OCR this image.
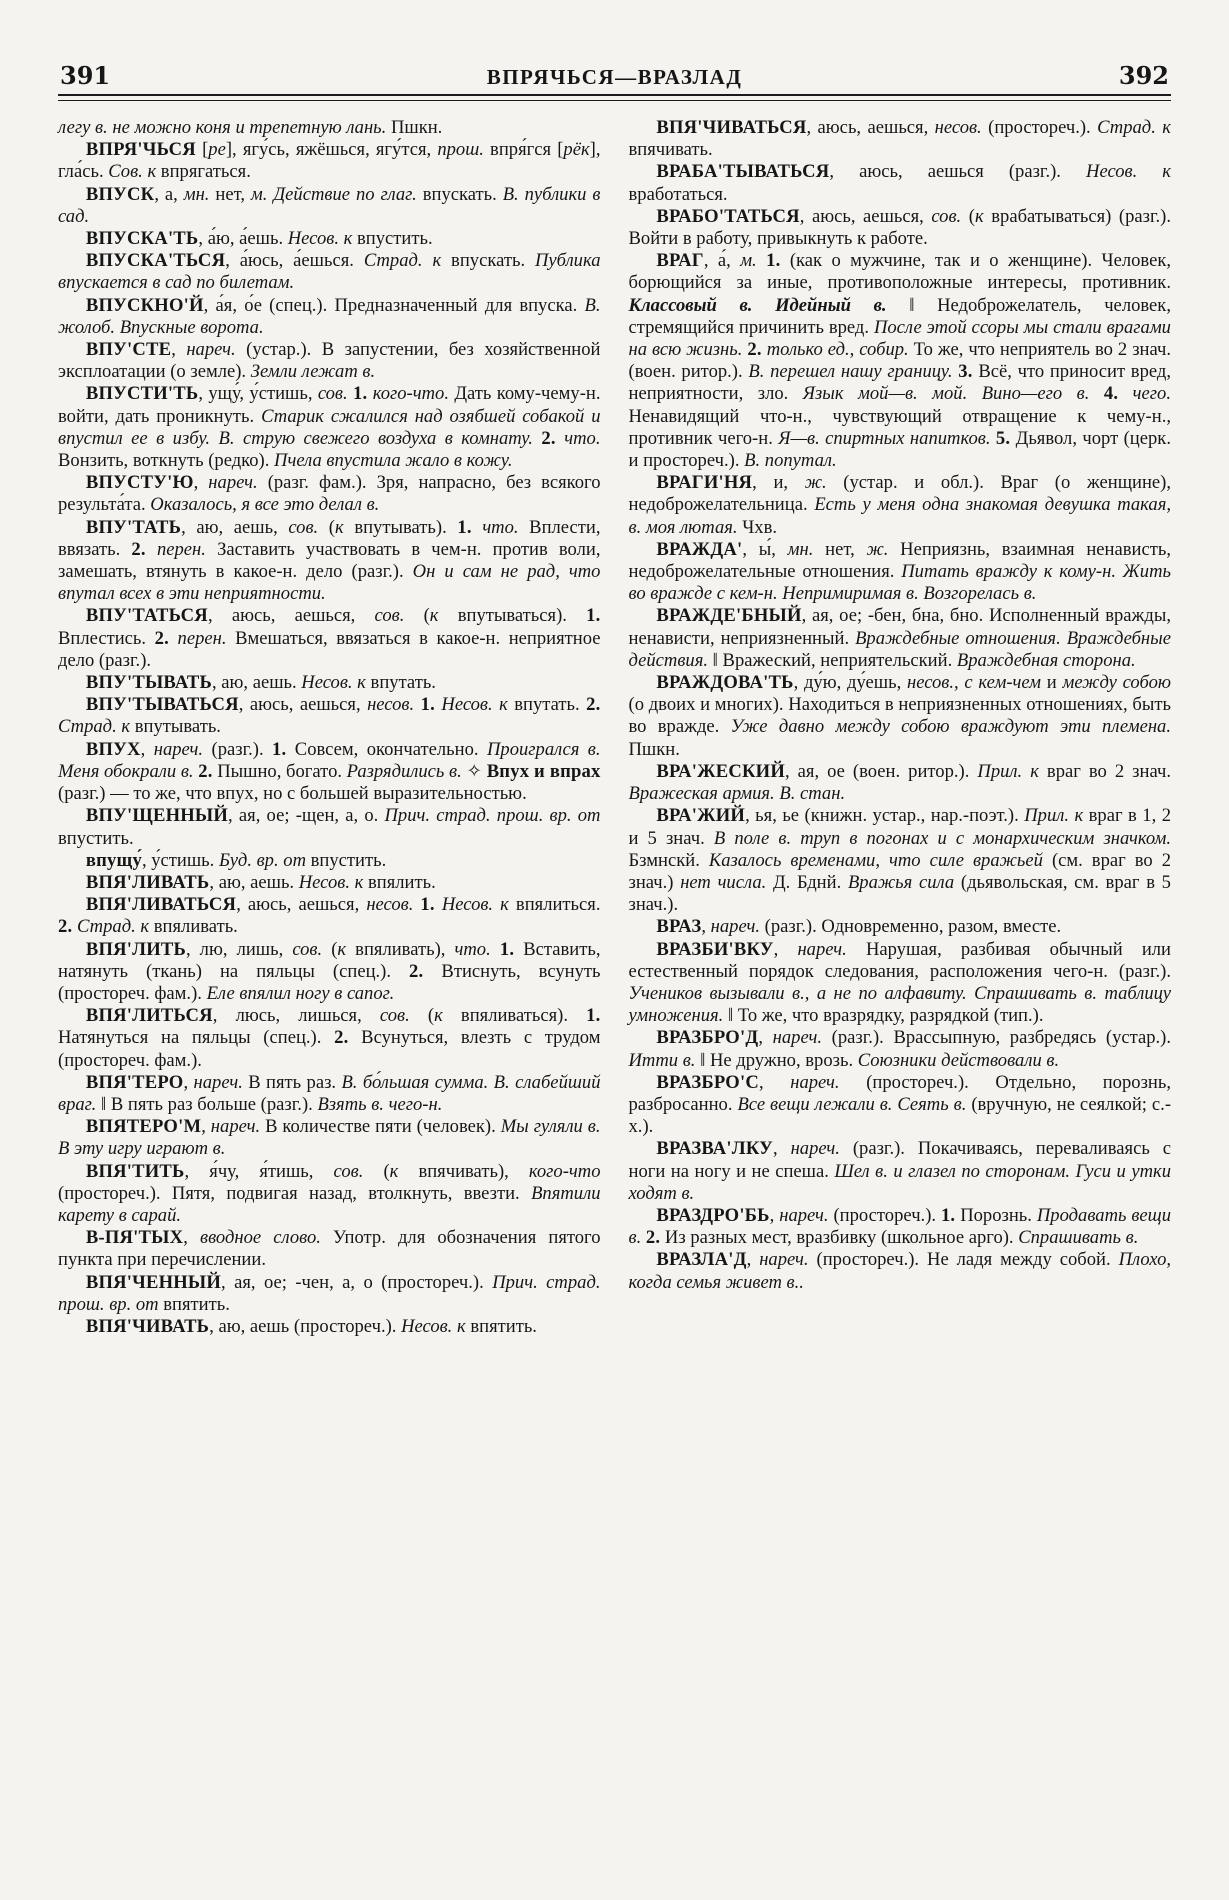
391	ВПРЯЧЬСЯ—ВРАЗЛАД	392

легу в. не можно коня и трепетную лань. Пшкн.

ВПРЯ'ЧЬСЯ [ре], ягу́сь, яжёшься, ягу́тся, прош. впря́гся [рёк], гла́сь. Сов. к впрягаться.

ВПУСК, а, мн. нет, м. Действие по глаг. впускать. В. публики в сад.

ВПУСКА'ТЬ, а́ю, а́ешь. Несов. к впустить.

ВПУСКА'ТЬСЯ, а́юсь, а́ешься. Страд. к впускать. Публика впускается в сад по билетам.

ВПУСКНО'Й, а́я, о́е (спец.). Предназначенный для впуска. В. жолоб. Впускные ворота.

ВПУ'СТЕ, нареч. (устар.). В запустении, без хозяйственной эксплоатации (о земле). Земли лежат в.

ВПУСТИ'ТЬ, ущу́, у́стишь, сов. 1. кого-что. Дать кому-чему-н. войти, дать проникнуть. Старик сжалился над озябшей собакой и впустил ее в избу. В. струю свежего воздуха в комнату. 2. что. Вонзить, воткнуть (редко). Пчела впустила жало в кожу.

ВПУСТУ'Ю, нареч. (разг. фам.). Зря, напрасно, без всякого результа́та. Оказалось, я все это делал в.

ВПУ'ТАТЬ, аю, аешь, сов. (к впутывать). 1. что. Вплести, ввязать. 2. перен. Заставить участвовать в чем-н. против воли, замешать, втянуть в какое-н. дело (разг.). Он и сам не рад, что впутал всех в эти неприятности.

ВПУ'ТАТЬСЯ, аюсь, аешься, сов. (к впутываться). 1. Вплестись. 2. перен. Вмешаться, ввязаться в какое-н. неприятное дело (разг.).

ВПУ'ТЫВАТЬ, аю, аешь. Несов. к впутать.

ВПУ'ТЫВАТЬСЯ, аюсь, аешься, несов. 1. Несов. к впутать. 2. Страд. к впутывать.

ВПУХ, нареч. (разг.). 1. Совсем, окончательно. Проигрался в. Меня обокрали в. 2. Пышно, богато. Разрядились в. ✧ Впух и впрах (разг.) — то же, что впух, но с большей выразительностью.

ВПУ'ЩЕННЫЙ, ая, ое; -щен, а, о. Прич. страд. прош. вр. от впустить.

впущу́, у́стишь. Буд. вр. от впустить.

ВПЯ'ЛИВАТЬ, аю, аешь. Несов. к впялить.

ВПЯ'ЛИВАТЬСЯ, аюсь, аешься, несов. 1. Несов. к впялиться. 2. Страд. к впяливать.

ВПЯ'ЛИТЬ, лю, лишь, сов. (к впяливать), что. 1. Вставить, натянуть (ткань) на пяльцы (спец.). 2. Втиснуть, всунуть (простореч. фам.). Еле впялил ногу в сапог.

ВПЯ'ЛИТЬСЯ, люсь, лишься, сов. (к впяливаться). 1. Натянуться на пяльцы (спец.). 2. Всунуться, влезть с трудом (простореч. фам.).

ВПЯ'ТЕРО, нареч. В пять раз. В. бо́льшая сумма. В. слабейший враг. ‖ В пять раз больше (разг.). Взять в. чего-н.

ВПЯТЕРО'М, нареч. В количестве пяти (человек). Мы гуляли в. В эту игру играют в.

ВПЯ'ТИТЬ, я́чу, я́тишь, сов. (к впячивать), кого-что (простореч.). Пятя, подвигая назад, втолкнуть, ввезти. Впятили карету в сарай.

В-ПЯ'ТЫХ, вводное слово. Употр. для обозначения пятого пункта при перечислении.

ВПЯ'ЧЕННЫЙ, ая, ое; -чен, а, о (простореч.). Прич. страд. прош. вр. от впятить.

ВПЯ'ЧИВАТЬ, аю, аешь (простореч.). Несов. к впятить.

ВПЯ'ЧИВАТЬСЯ, аюсь, аешься, несов. (простореч.). Страд. к впячивать.

ВРАБА'ТЫВАТЬСЯ, аюсь, аешься (разг.). Несов. к вработаться.

ВРАБО'ТАТЬСЯ, аюсь, аешься, сов. (к врабатываться) (разг.). Войти в работу, привыкнуть к работе.

ВРАГ, а́, м. 1. (как о мужчине, так и о женщине). Человек, борющийся за иные, противоположные интересы, противник. Классовый в. Идейный в. ‖ Недоброжелатель, человек, стремящийся причинить вред. После этой ссоры мы стали врагами на всю жизнь. 2. только ед., собир. То же, что неприятель во 2 знач. (воен. ритор.). В. перешел нашу границу. 3. Всё, что приносит вред, неприятности, зло. Язык мой—в. мой. Вино—его в. 4. чего. Ненавидящий что-н., чувствующий отвращение к чему-н., противник чего-н. Я—в. спиртных напитков. 5. Дьявол, чорт (церк. и простореч.). В. попутал.

ВРАГИ'НЯ, и, ж. (устар. и обл.). Враг (о женщине), недоброжелательница. Есть у меня одна знакомая девушка такая, в. моя лютая. Чхв.

ВРАЖДА', ы́, мн. нет, ж. Неприязнь, взаимная ненависть, недоброжелательные отношения. Питать вражду к кому-н. Жить во вражде с кем-н. Непримиримая в. Возгорелась в.

ВРАЖДЕ'БНЫЙ, ая, ое; -бен, бна, бно. Исполненный вражды, ненависти, неприязненный. Враждебные отношения. Враждебные действия. ‖ Вражеский, неприятельский. Враждебная сторона.

ВРАЖДОВА'ТЬ, ду́ю, ду́ешь, несов., с кем-чем и между собою (о двоих и многих). Находиться в неприязненных отношениях, быть во вражде. Уже давно между собою враждуют эти племена. Пшкн.

ВРА'ЖЕСКИЙ, ая, ое (воен. ритор.). Прил. к враг во 2 знач. Вражеская армия. В. стан.

ВРА'ЖИЙ, ья, ье (книжн. устар., нар.-поэт.). Прил. к враг в 1, 2 и 5 знач. В поле в. труп в погонах и с монархическим значком. Бзмнскй. Казалось временами, что силе вражьей (см. враг во 2 знач.) нет числа. Д. Бднй. Вражья сила (дьявольская, см. враг в 5 знач.).

ВРАЗ, нареч. (разг.). Одновременно, разом, вместе.

ВРАЗБИ'ВКУ, нареч. Нарушая, разбивая обычный или естественный порядок следования, расположения чего-н. (разг.). Учеников вызывали в., а не по алфавиту. Спрашивать в. таблицу умножения. ‖ То же, что вразрядку, разрядкой (тип.).

ВРАЗБРО'Д, нареч. (разг.). Врассыпную, разбредясь (устар.). Итти в. ‖ Не дружно, врозь. Союзники действовали в.

ВРАЗБРО'С, нареч. (простореч.). Отдельно, порознь, разбросанно. Все вещи лежали в. Сеять в. (вручную, не сеялкой; с.-х.).

ВРАЗВА'ЛКУ, нареч. (разг.). Покачиваясь, переваливаясь с ноги на ногу и не спеша. Шел в. и глазел по сторонам. Гуси и утки ходят в.

ВРАЗДРО'БЬ, нареч. (простореч.). 1. Порознь. Продавать вещи в. 2. Из разных мест, вразбивку (школьное арго). Спрашивать в.

ВРАЗЛА'Д, нареч. (простореч.). Не ладя между собой. Плохо, когда семья живет в..
